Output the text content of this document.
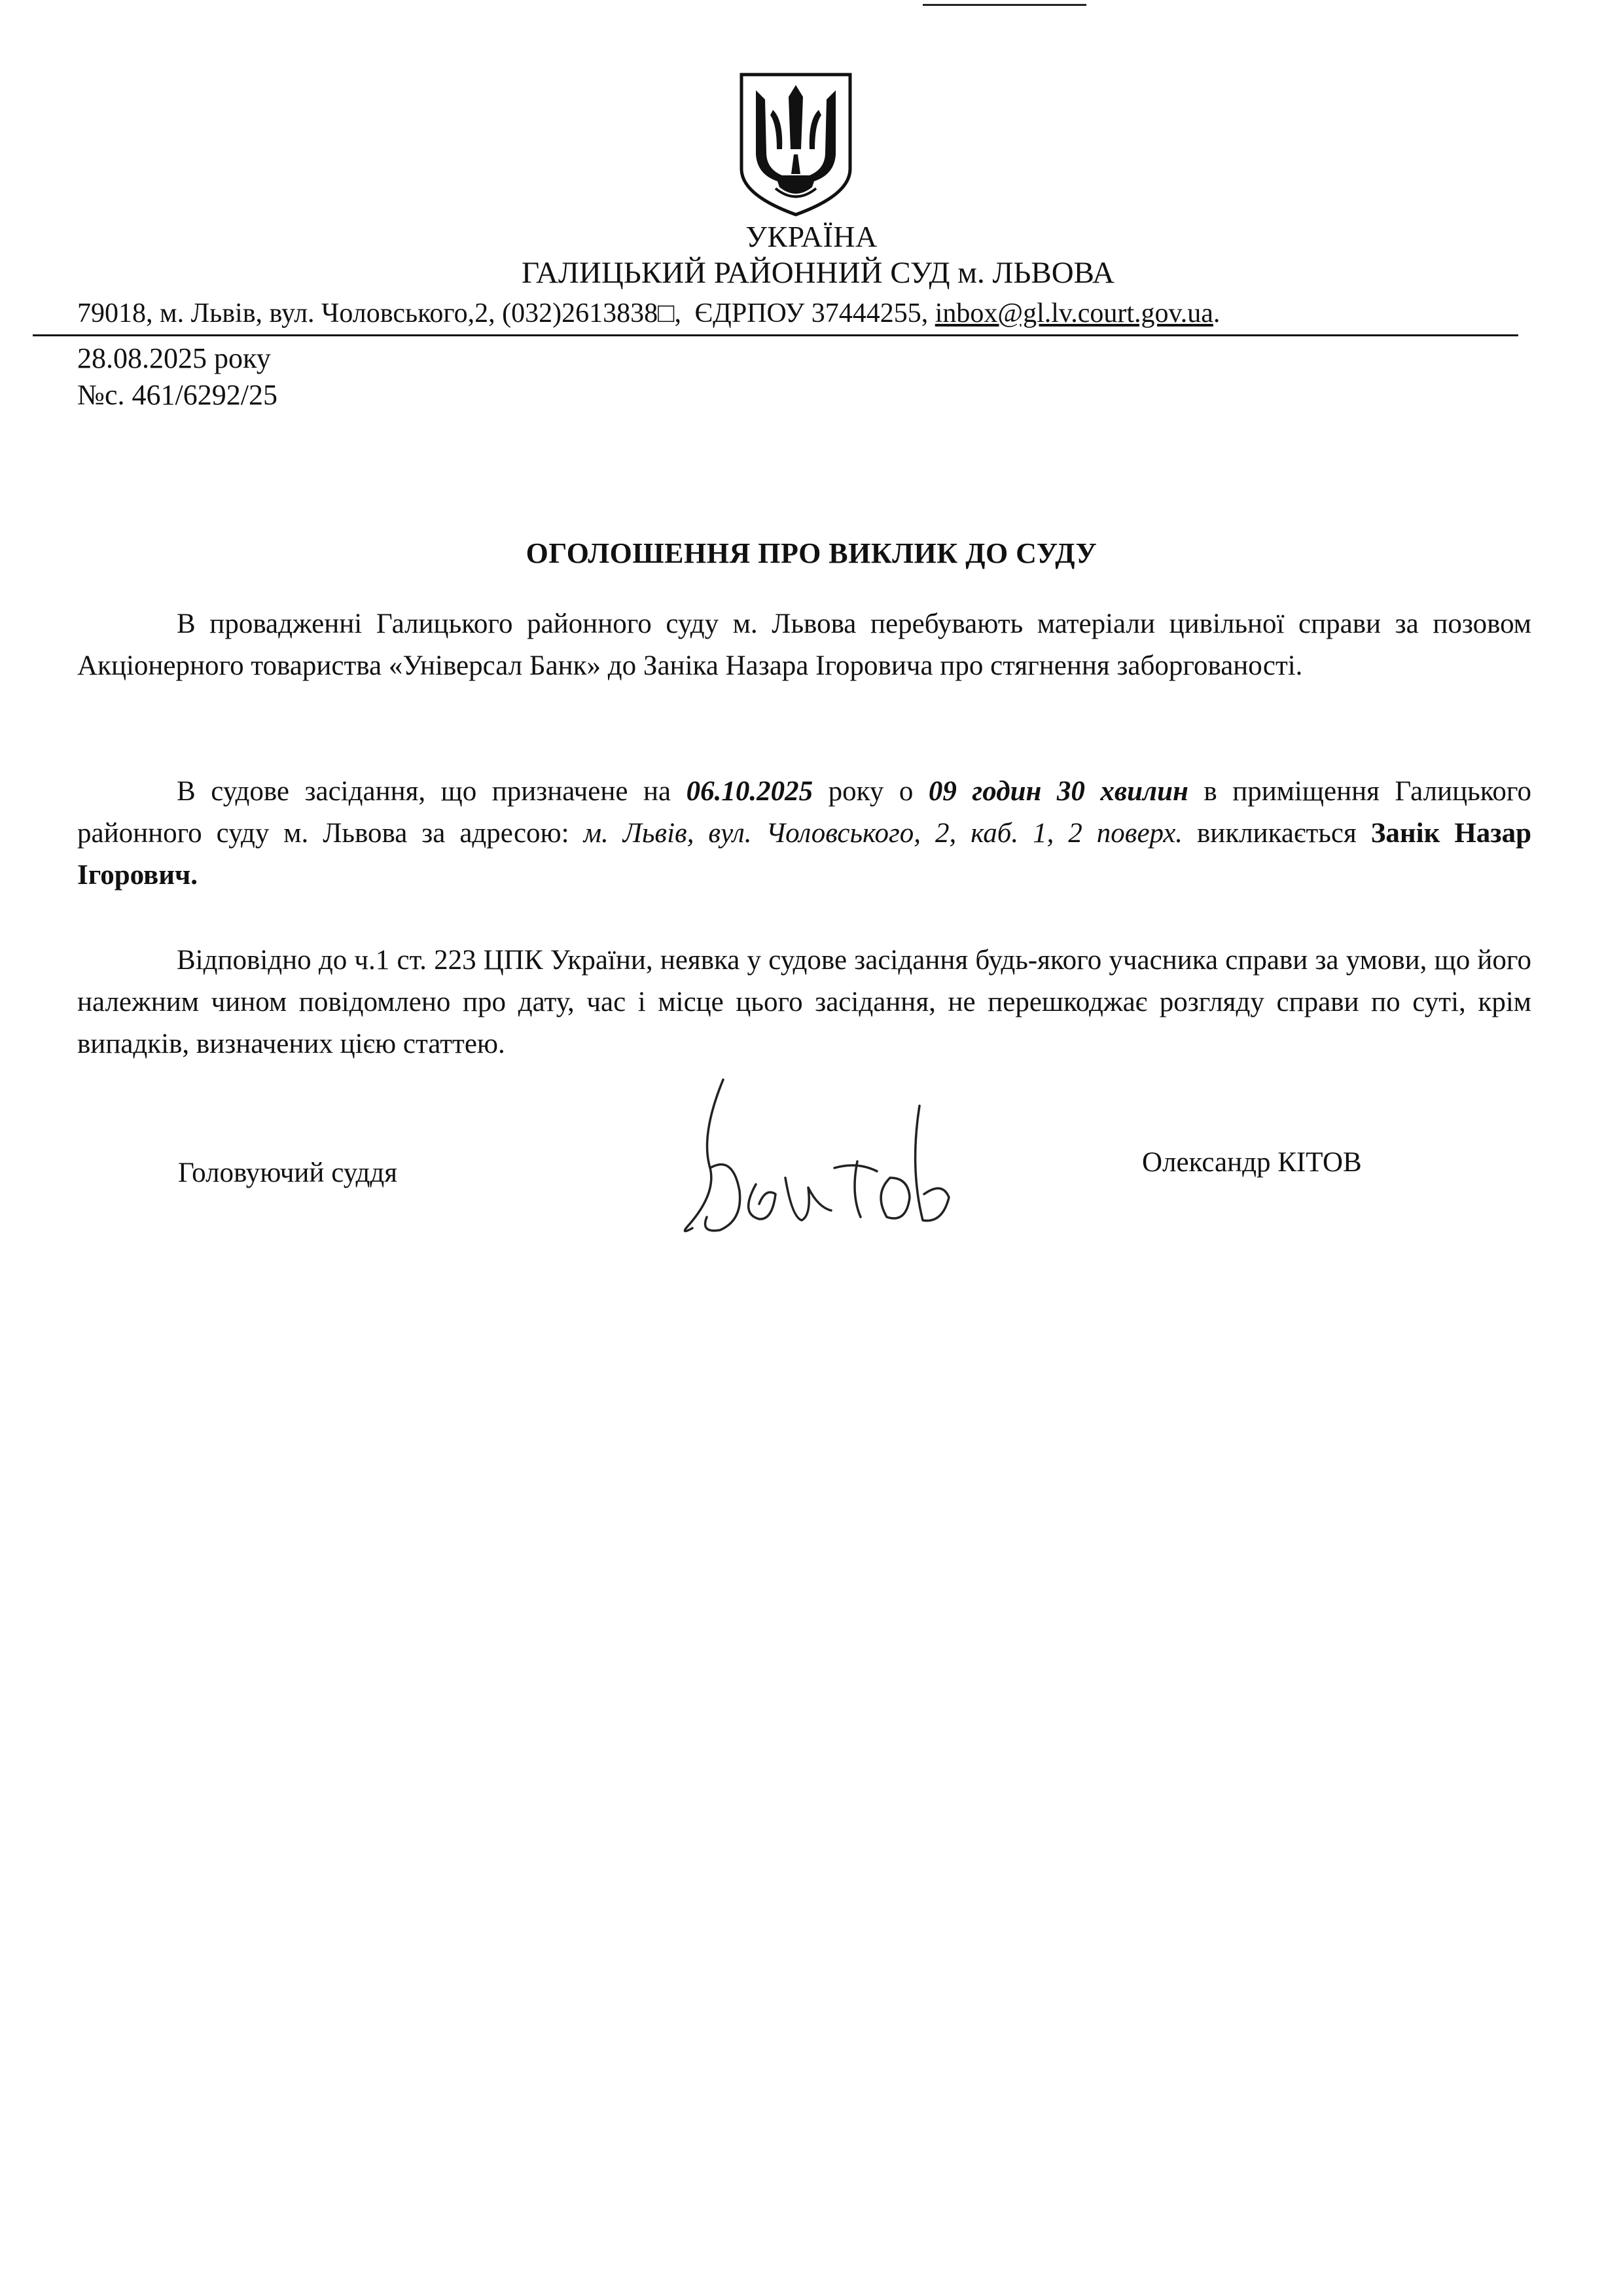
УКРАЇНА
ГАЛИЦЬКИЙ РАЙОННИЙ СУД м. ЛЬВОВА
79018, м. Львів, вул. Чоловського,2, (032)2613838□, ЄДРПОУ 37444255, inbox@gl.lv.court.gov.ua.
28.08.2025 року
№с. 461/6292/25
ОГОЛОШЕННЯ ПРО ВИКЛИК ДО СУДУ

В провадженні Галицького районного суду м. Львова перебувають матеріали цивільної справи за позовом Акціонерного товариства «Універсал Банк» до Заніка Назара Ігоровича про стягнення заборгованості.

В судове засідання, що призначене на 06.10.2025 року о 09 годин 30 хвилин в приміщення Галицького районного суду м. Львова за адресою: м. Львів, вул. Чоловського, 2, каб. 1, 2 поверх. викликається Занік Назар Ігорович.

Відповідно до ч.1 ст. 223 ЦПК України, неявка у судове засідання будь-якого учасника справи за умови, що його належним чином повідомлено про дату, час і місце цього засідання, не перешкоджає розгляду справи по суті, крім випадків, визначених цією статтею.

Головуючий суддя	Олександр КІТОВ
